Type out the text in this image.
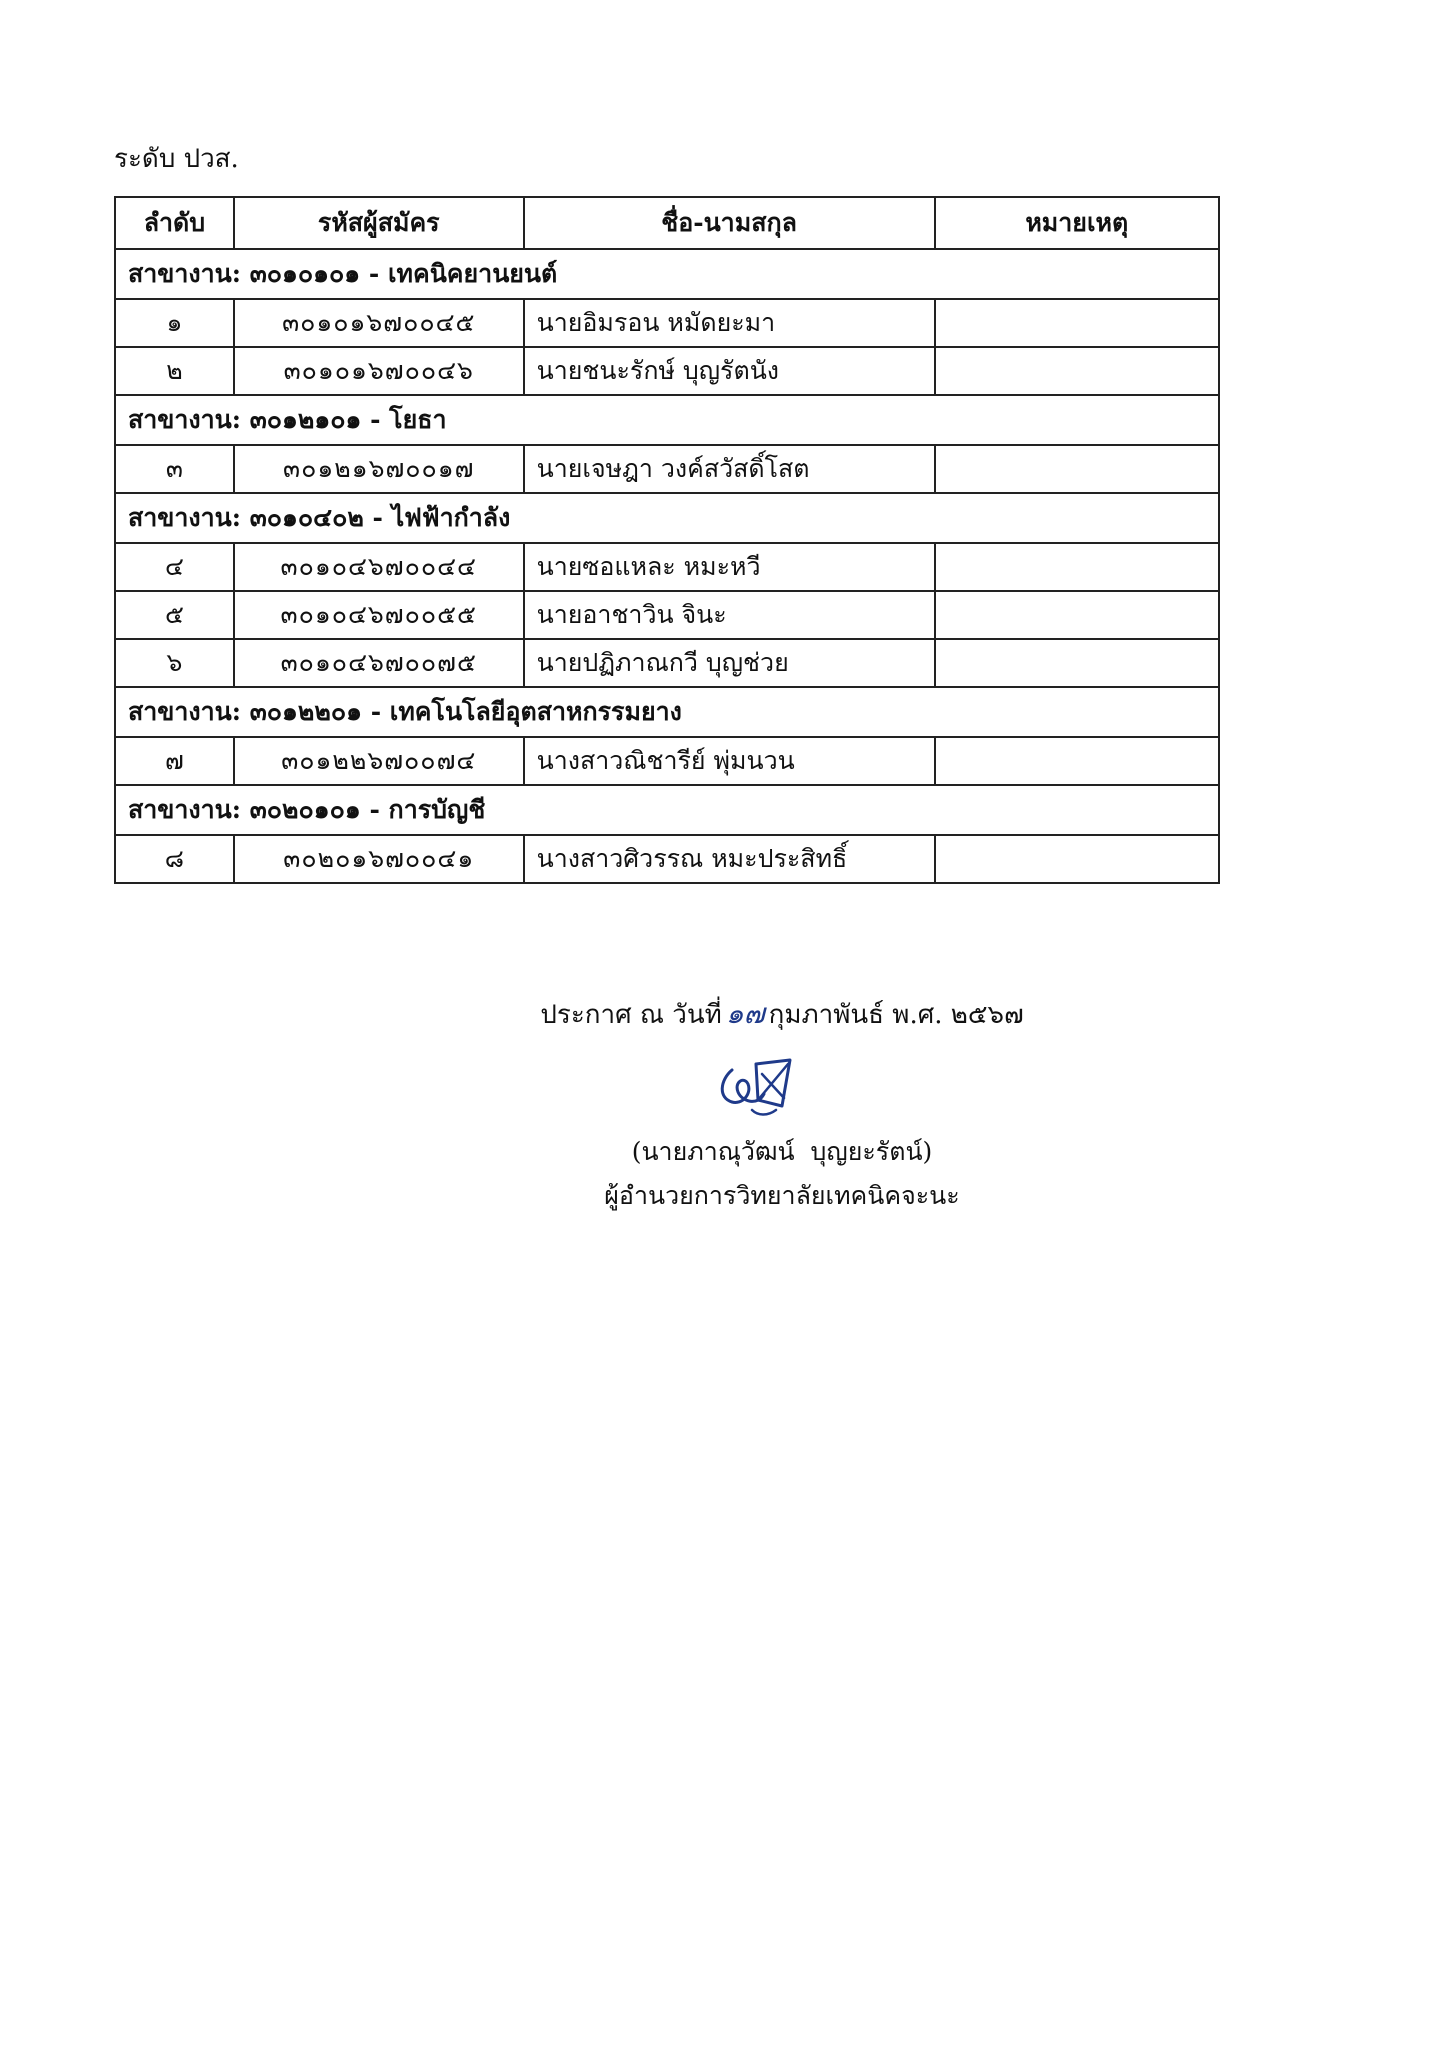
ระดับ ปวส.
ลำดับ	รหัสผู้สมัคร	ชื่อ-นามสกุล	หมายเหตุ
สาขางาน: ๓๐๑๐๑๐๑ - เทคนิคยานยนต์			
๑	๓๐๑๐๑๖๗๐๐๔๕	นายอิมรอน หมัดยะมา	
๒	๓๐๑๐๑๖๗๐๐๔๖	นายชนะรักษ์ บุญรัตนัง	
สาขางาน: ๓๐๑๒๑๐๑ - โยธา			
๓	๓๐๑๒๑๖๗๐๐๑๗	นายเจษฎา วงค์สวัสดิ์โสต	
สาขางาน: ๓๐๑๐๔๐๒ - ไฟฟ้ากำลัง			
๔	๓๐๑๐๔๖๗๐๐๔๔	นายซอแหละ หมะหวี	
๕	๓๐๑๐๔๖๗๐๐๕๕	นายอาชาวิน จินะ	
๖	๓๐๑๐๔๖๗๐๐๗๕	นายปฏิภาณกวี บุญช่วย	
สาขางาน: ๓๐๑๒๒๐๑ - เทคโนโลยีอุตสาหกรรมยาง			
๗	๓๐๑๒๒๖๗๐๐๗๔	นางสาวณิชารีย์ พุ่มนวน	
สาขางาน: ๓๐๒๐๑๐๑ - การบัญชี			
๘	๓๐๒๐๑๖๗๐๐๔๑	นางสาวศิวรรณ หมะประสิทธิ์	
ประกาศ ณ วันที่ ๑๗ กุมภาพันธ์ พ.ศ. ๒๕๖๗
(นายภาณุวัฒน์  บุญยะรัตน์)
ผู้อำนวยการวิทยาลัยเทคนิคจะนะ
